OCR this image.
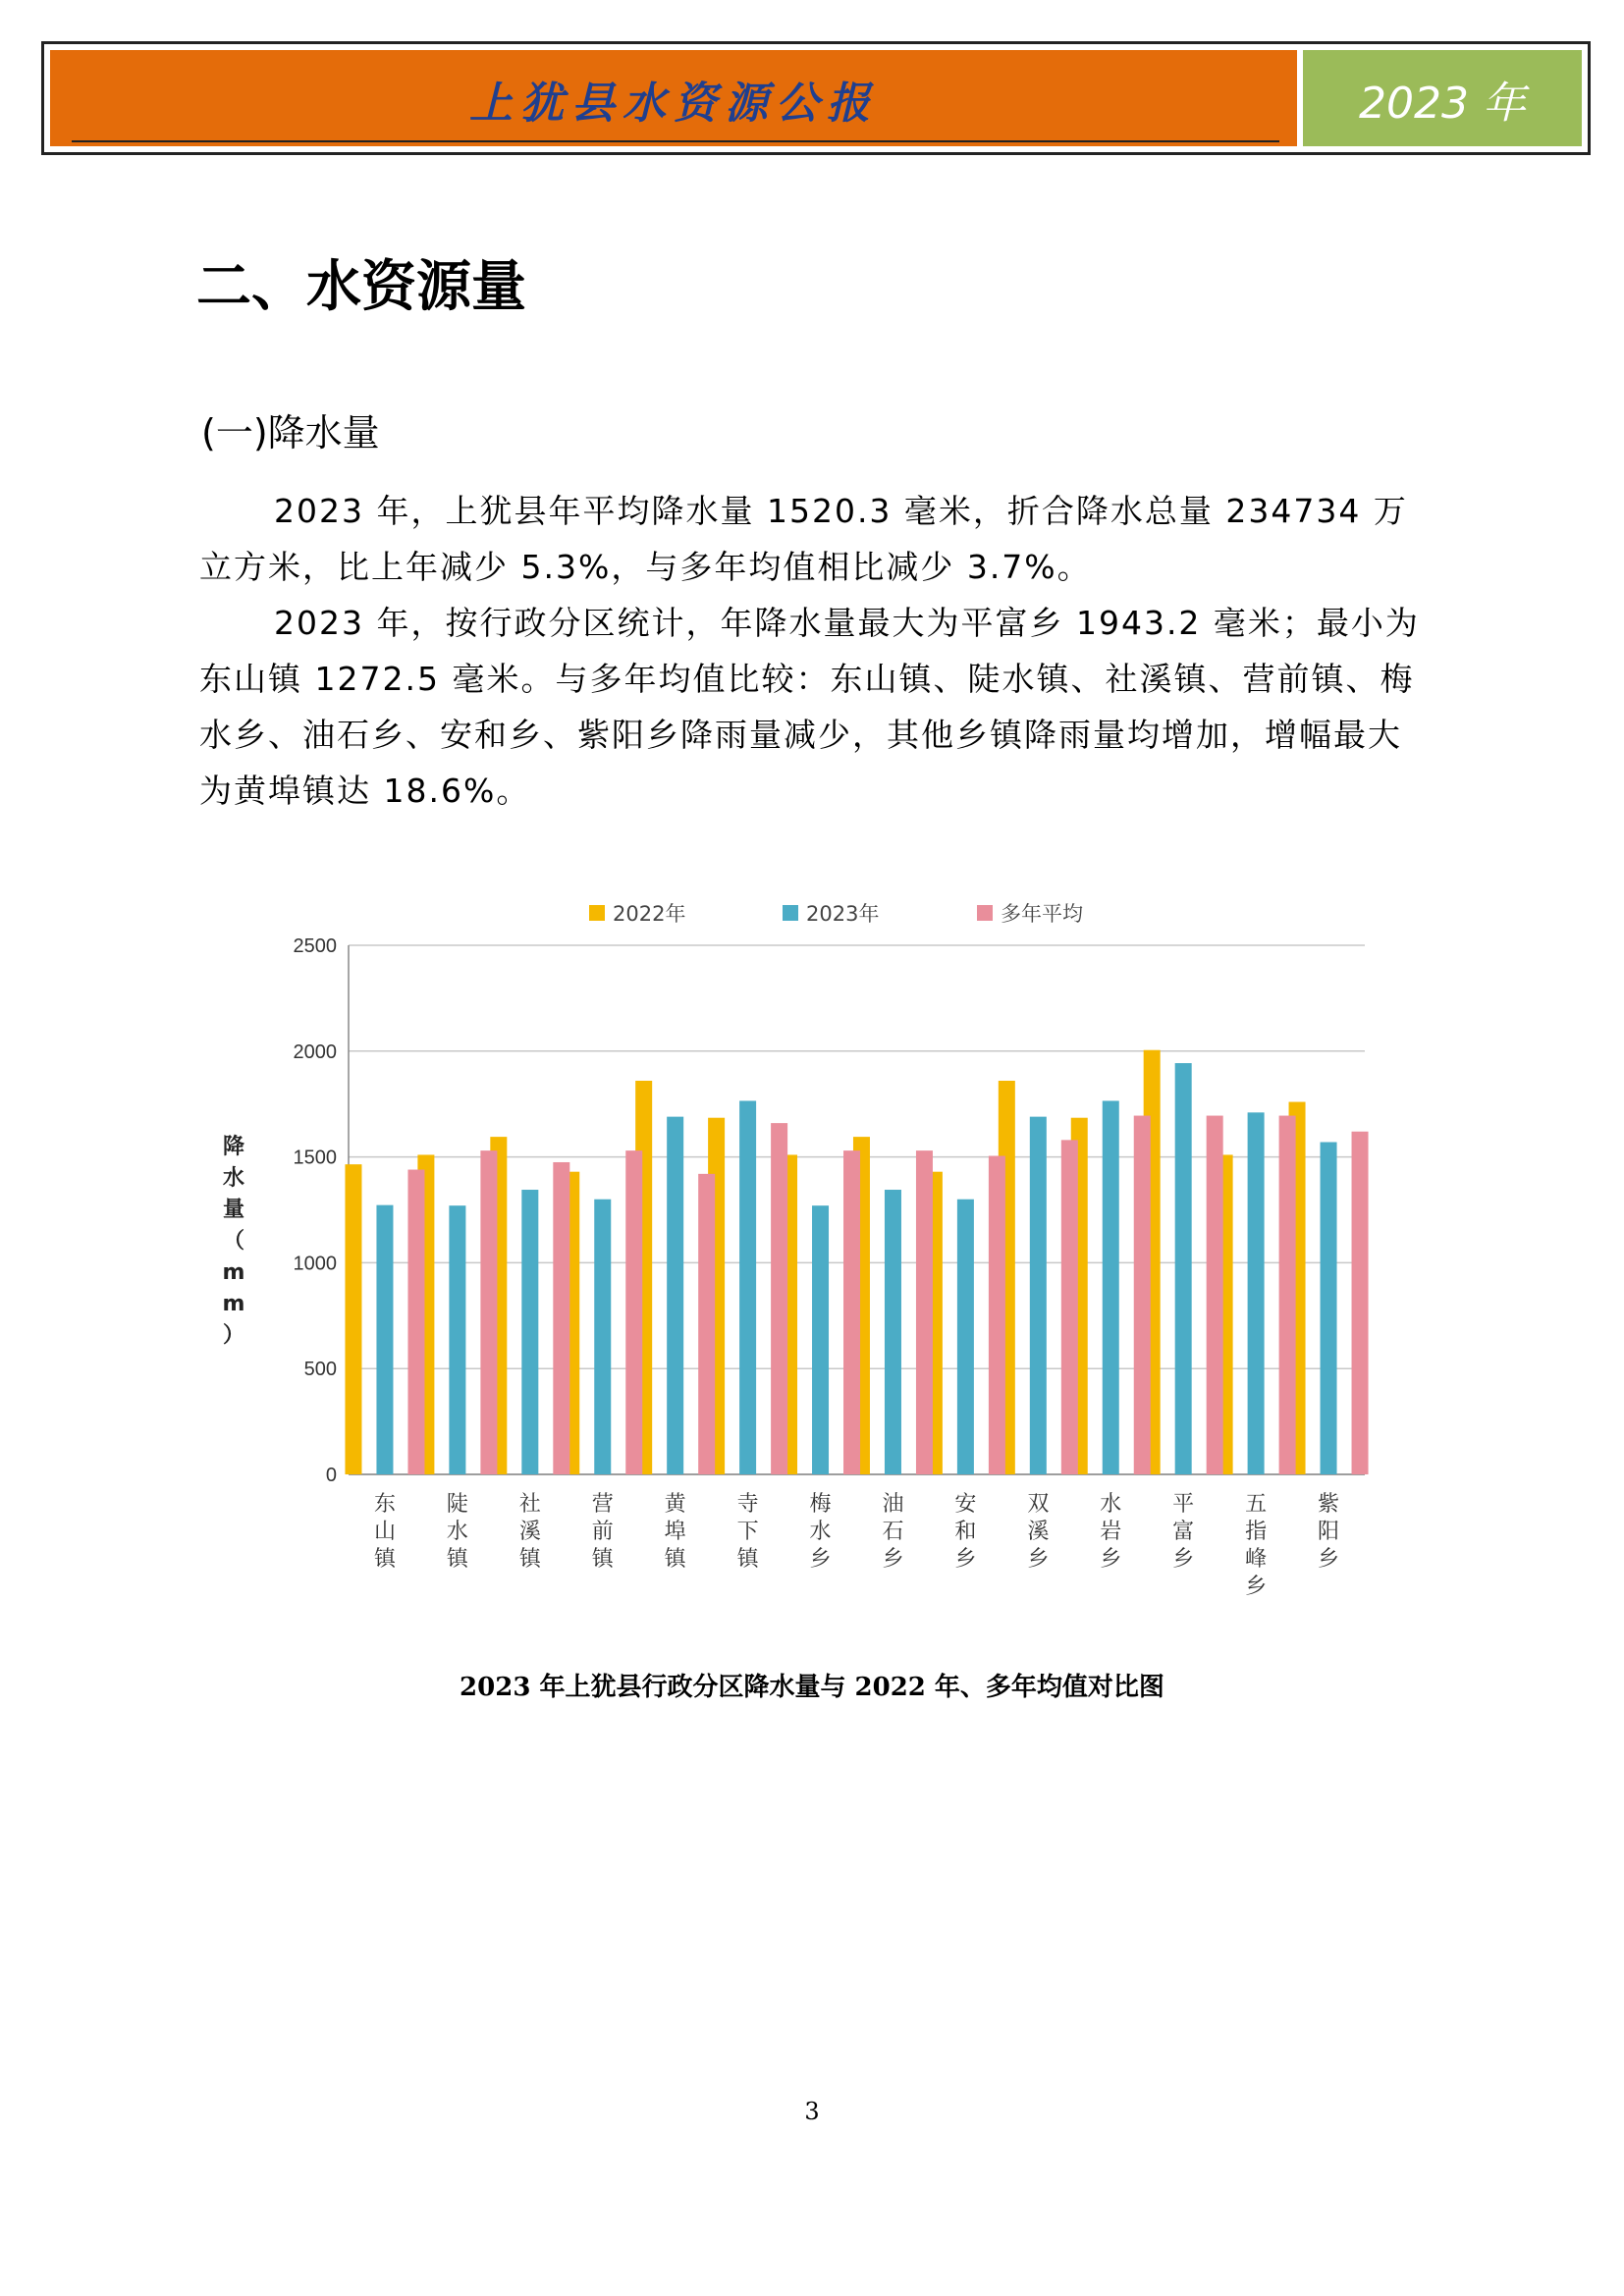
上犹县水资源公报	2023 年
二、水资源量
(一)降水量
2023 年，上犹县年平均降水量 1520.3 毫米，折合降水总量 234734 万立方米，比上年减少 5.3%，与多年均值相比减少 3.7%。
2023 年，按行政分区统计，年降水量最大为平富乡 1943.2 毫米；最小为东山镇 1272.5 毫米。与多年均值比较：东山镇、陡水镇、社溪镇、营前镇、梅水乡、油石乡、安和乡、紫阳乡降雨量减少，其他乡镇降雨量均增加，增幅最大为黄埠镇达 18.6%。
0
500
1000
1500
2000
2500
降
水
量
（
m
m
）
东
山
镇
陡
水
镇
社
溪
镇
营
前
镇
黄
埠
镇
寺
下
镇
梅
水
乡
油
石
乡
安
和
乡
双
溪
乡
水
岩
乡
平
富
乡
五
指
峰
乡
紫
阳
乡
2022年	2023年	多年平均
2023 年上犹县行政分区降水量与 2022 年、多年均值对比图
3
